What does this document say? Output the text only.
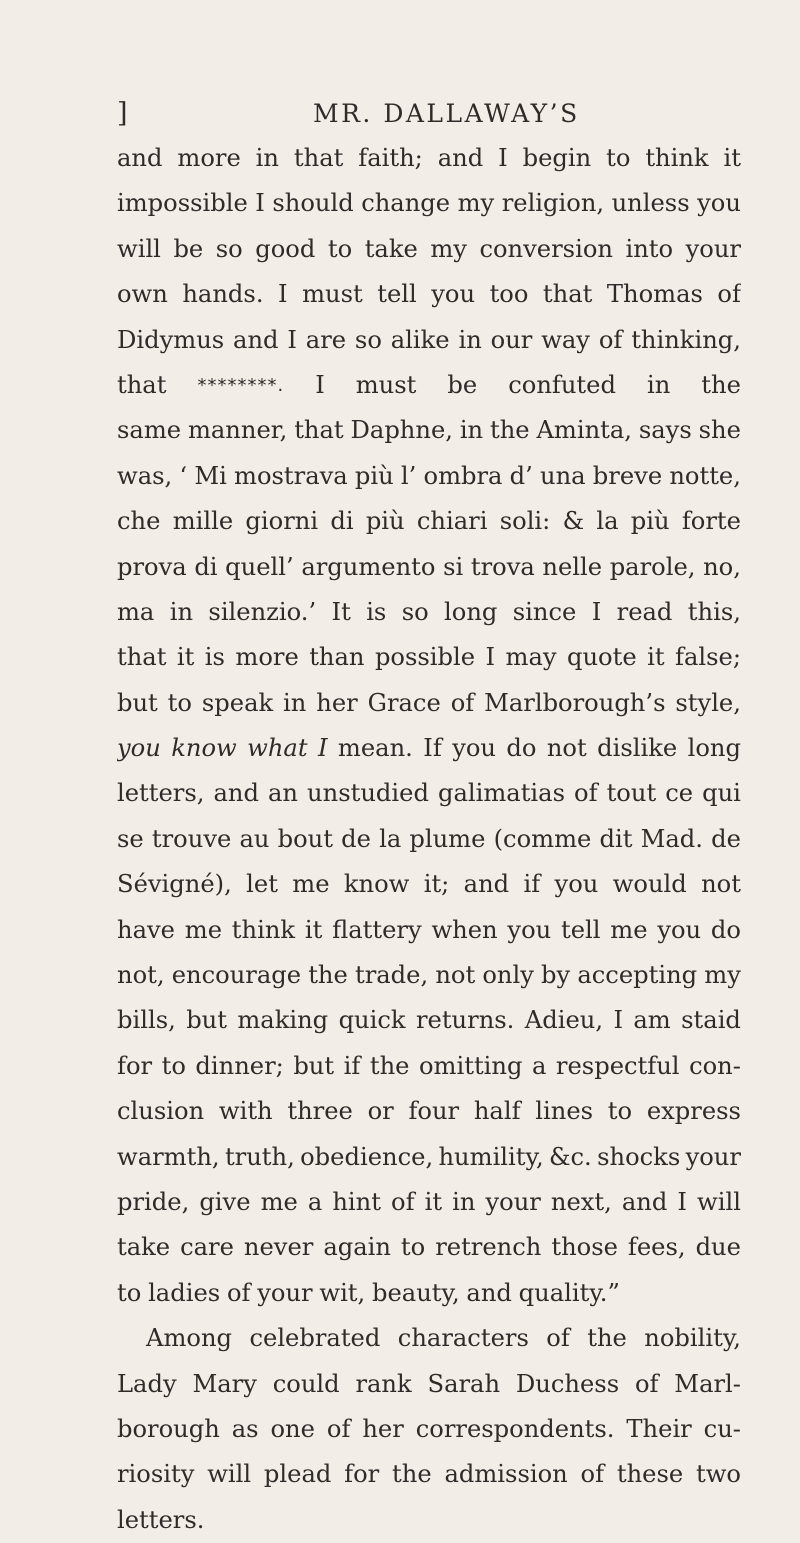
]	MR. DALLAWAY’S
and more in that faith; and I begin to think it
impossible I should change my religion, unless you
will be so good to take my conversion into your
own hands. I must tell you too that Thomas of
Didymus and I are so alike in our way of thinking,
that ********. I must be confuted in the
same manner, that Daphne, in the Aminta, says she
was, ‘ Mi mostrava più l’ ombra d’ una breve notte,
che mille giorni di più chiari soli: & la più forte
prova di quell’ argumento si trova nelle parole, no,
ma in silenzio.’ It is so long since I read this,
that it is more than possible I may quote it false;
but to speak in her Grace of Marlborough’s style,
you know what I mean. If you do not dislike long
letters, and an unstudied galimatias of tout ce qui
se trouve au bout de la plume (comme dit Mad. de
Sévigné), let me know it; and if you would not
have me think it flattery when you tell me you do
not, encourage the trade, not only by accepting my
bills, but making quick returns. Adieu, I am staid
for to dinner; but if the omitting a respectful con-
clusion with three or four half lines to express
warmth, truth, obedience, humility, &c. shocks your
pride, give me a hint of it in your next, and I will
take care never again to retrench those fees, due
to ladies of your wit, beauty, and quality.”
Among celebrated characters of the nobility,
Lady Mary could rank Sarah Duchess of Marl-
borough as one of her correspondents. Their cu-
riosity will plead for the admission of these two
letters.
